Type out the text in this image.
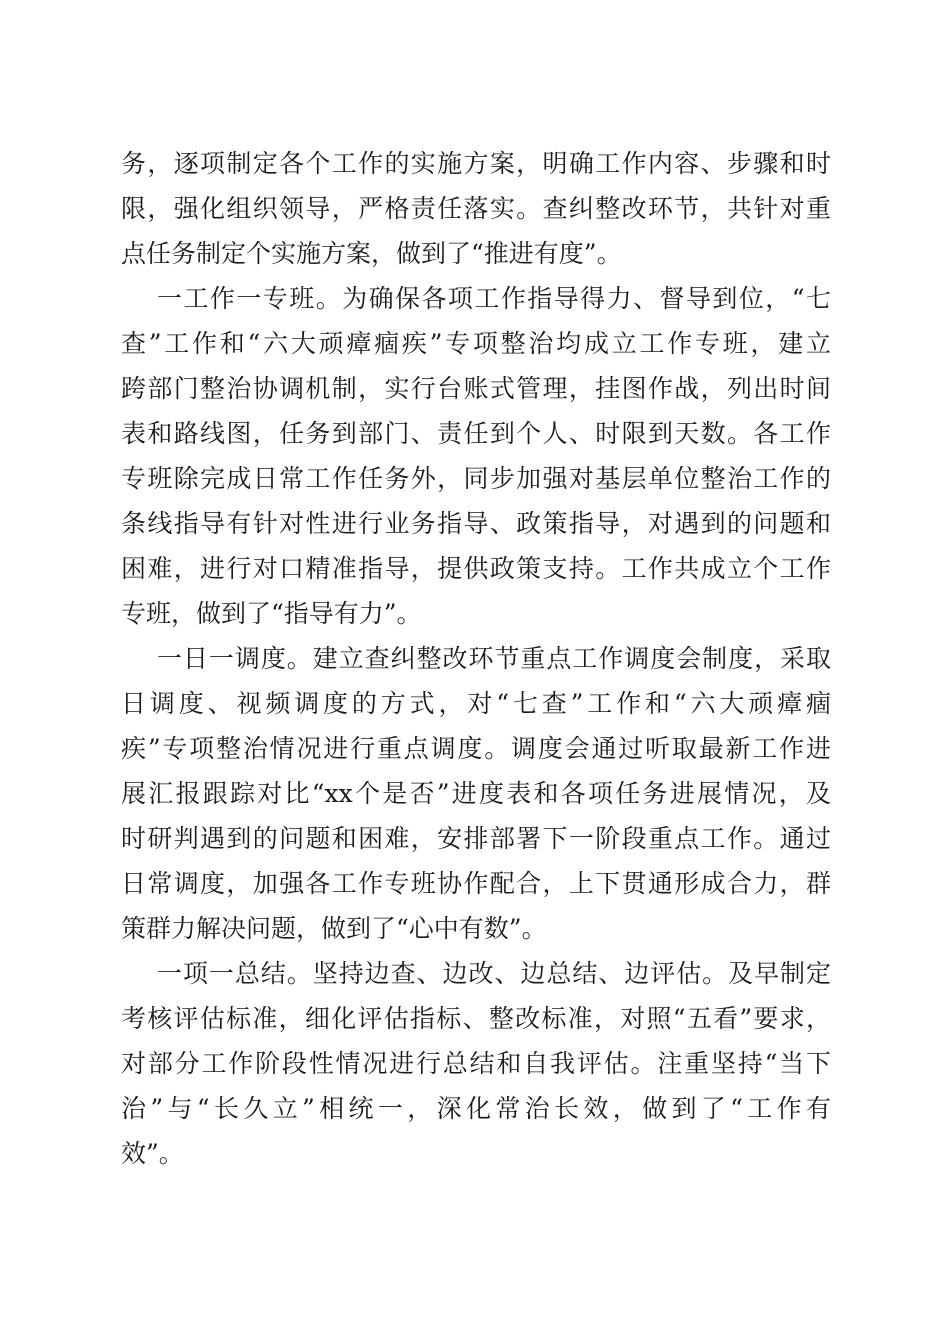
务，逐项制定各个工作的实施方案，明确工作内容、步骤和时

限，强化组织领导，严格责任落实。查纠整改环节，共针对重

点任务制定个实施方案，做到了“推进有度”。

一工作一专班。为确保各项工作指导得力、督导到位，“七

查”工作和“六大顽瘴痼疾”专项整治均成立工作专班，建立

跨部门整治协调机制，实行台账式管理，挂图作战，列出时间

表和路线图，任务到部门、责任到个人、时限到天数。各工作

专班除完成日常工作任务外，同步加强对基层单位整治工作的

条线指导有针对性进行业务指导、政策指导，对遇到的问题和

困难，进行对口精准指导，提供政策支持。工作共成立个工作

专班，做到了“指导有力”。

一日一调度。建立查纠整改环节重点工作调度会制度，采取

日调度、视频调度的方式，对“七查”工作和“六大顽瘴痼

疾”专项整治情况进行重点调度。调度会通过听取最新工作进

展汇报跟踪对比“xx个是否”进度表和各项任务进展情况，及

时研判遇到的问题和困难，安排部署下一阶段重点工作。通过

日常调度，加强各工作专班协作配合，上下贯通形成合力，群

策群力解决问题，做到了“心中有数”。

一项一总结。坚持边查、边改、边总结、边评估。及早制定

考核评估标准，细化评估指标、整改标准，对照“五看”要求，

对部分工作阶段性情况进行总结和自我评估。注重坚持“当下

治”与“长久立”相统一，深化常治长效，做到了“工作有

效”。
